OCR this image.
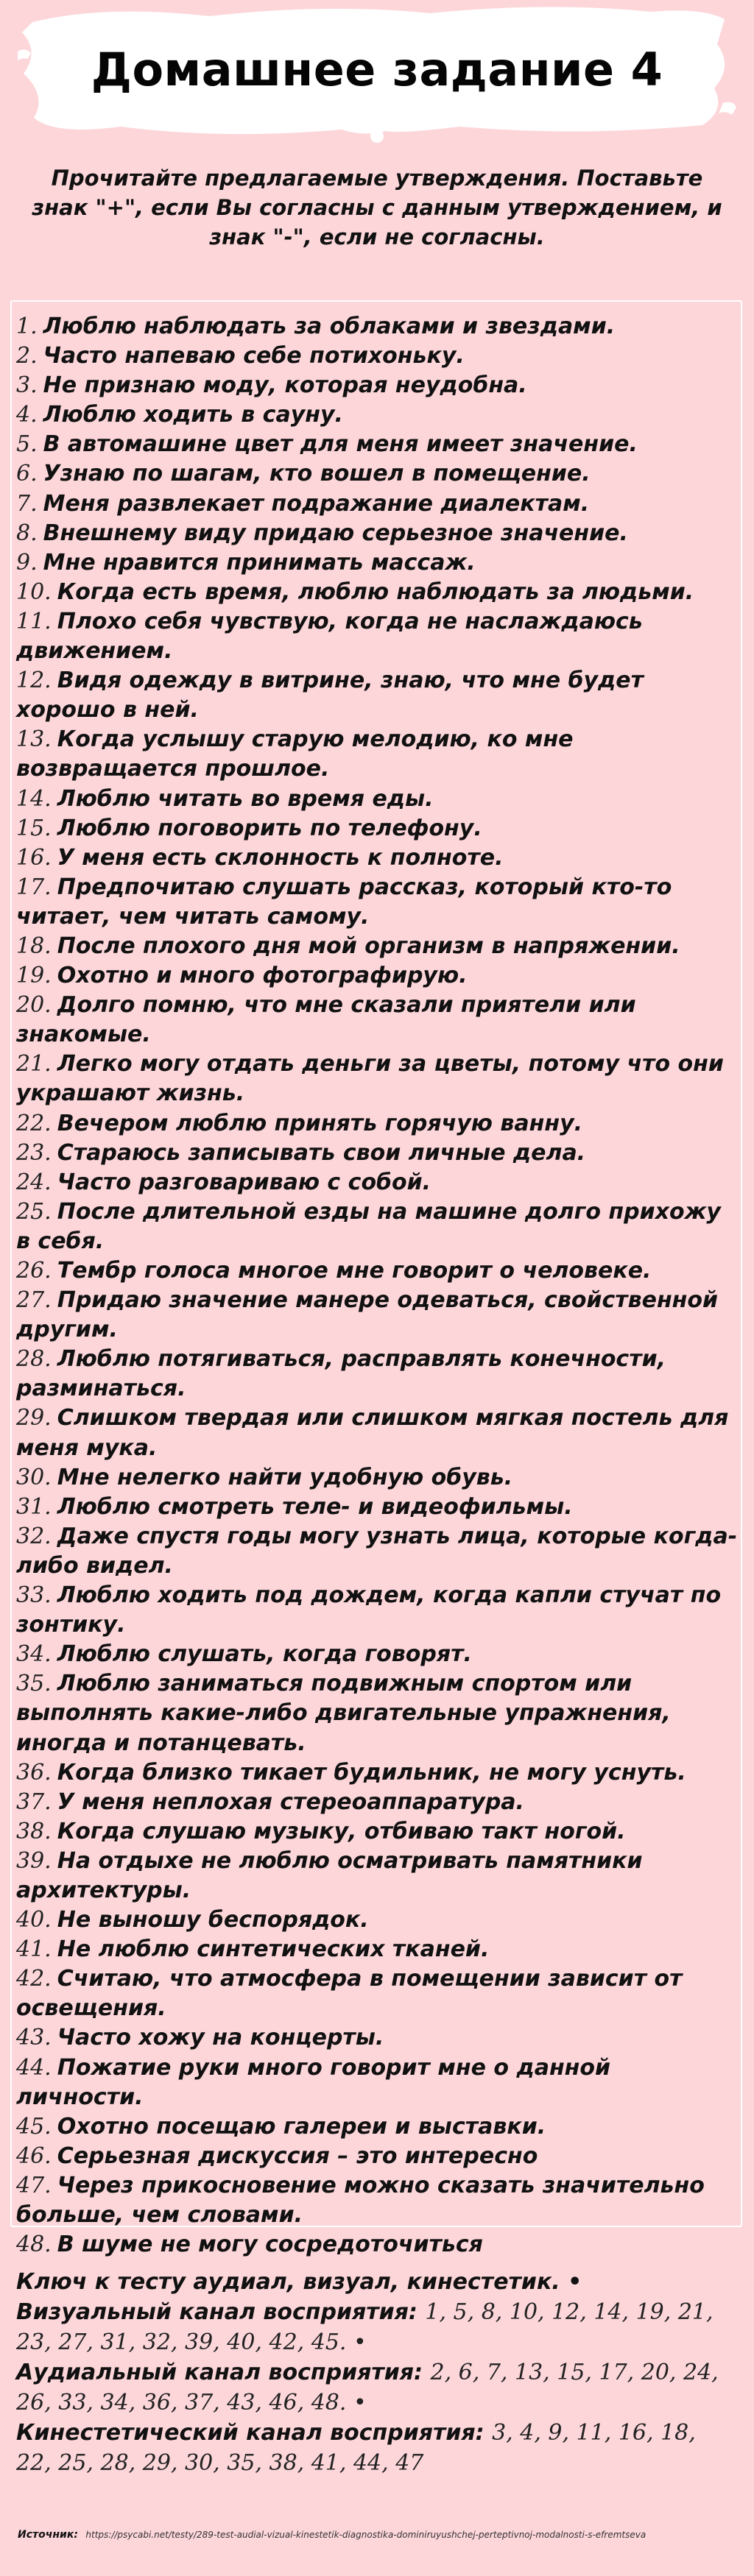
Домашнее задание 4

Прочитайте предлагаемые утверждения. Поставьте знак "+", если Вы согласны с данным утверждением, и знак "-", если не согласны.

1. Люблю наблюдать за облаками и звездами.
2. Часто напеваю себе потихоньку.
3. Не признаю моду, которая неудобна.
4. Люблю ходить в сауну.
5. В автомашине цвет для меня имеет значение.
6. Узнаю по шагам, кто вошел в помещение.
7. Меня развлекает подражание диалектам.
8. Внешнему виду придаю серьезное значение.
9. Мне нравится принимать массаж.
10. Когда есть время, люблю наблюдать за людьми.
11. Плохо себя чувствую, когда не наслаждаюсь движением.
12. Видя одежду в витрине, знаю, что мне будет хорошо в ней.
13. Когда услышу старую мелодию, ко мне возвращается прошлое.
14. Люблю читать во время еды.
15. Люблю поговорить по телефону.
16. У меня есть склонность к полноте.
17. Предпочитаю слушать рассказ, который кто-то читает, чем читать самому.
18. После плохого дня мой организм в напряжении.
19. Охотно и много фотографирую.
20. Долго помню, что мне сказали приятели или знакомые.
21. Легко могу отдать деньги за цветы, потому что они украшают жизнь.
22. Вечером люблю принять горячую ванну.
23. Стараюсь записывать свои личные дела.
24. Часто разговариваю с собой.
25. После длительной езды на машине долго прихожу в себя.
26. Тембр голоса многое мне говорит о человеке.
27. Придаю значение манере одеваться, свойственной другим.
28. Люблю потягиваться, расправлять конечности, разминаться.
29. Слишком твердая или слишком мягкая постель для меня мука.
30. Мне нелегко найти удобную обувь.
31. Люблю смотреть теле- и видеофильмы.
32. Даже спустя годы могу узнать лица, которые когда-либо видел.
33. Люблю ходить под дождем, когда капли стучат по зонтику.
34. Люблю слушать, когда говорят.
35. Люблю заниматься подвижным спортом или выполнять какие-либо двигательные упражнения, иногда и потанцевать.
36. Когда близко тикает будильник, не могу уснуть.
37. У меня неплохая стереоаппаратура.
38. Когда слушаю музыку, отбиваю такт ногой.
39. На отдыхе не люблю осматривать памятники архитектуры.
40. Не выношу беспорядок.
41. Не люблю синтетических тканей.
42. Считаю, что атмосфера в помещении зависит от освещения.
43. Часто хожу на концерты.
44. Пожатие руки много говорит мне о данной личности.
45. Охотно посещаю галереи и выставки.
46. Серьезная дискуссия – это интересно
47. Через прикосновение можно сказать значительно больше, чем словами.
48. В шуме не могу сосредоточиться

Ключ к тесту аудиал, визуал, кинестетик. •

Визуальный канал восприятия: 1, 5, 8, 10, 12, 14, 19, 21, 23, 27, 31, 32, 39, 40, 42, 45. •

Аудиальный канал восприятия: 2, 6, 7, 13, 15, 17, 20, 24, 26, 33, 34, 36, 37, 43, 46, 48. •

Кинестетический канал восприятия: 3, 4, 9, 11, 16, 18, 22, 25, 28, 29, 30, 35, 38, 41, 44, 47

Источник: https://psycabi.net/testy/289-test-audial-vizual-kinestetik-diagnostika-dominiruyushchej-perteptivnoj-modalnosti-s-efremtseva
